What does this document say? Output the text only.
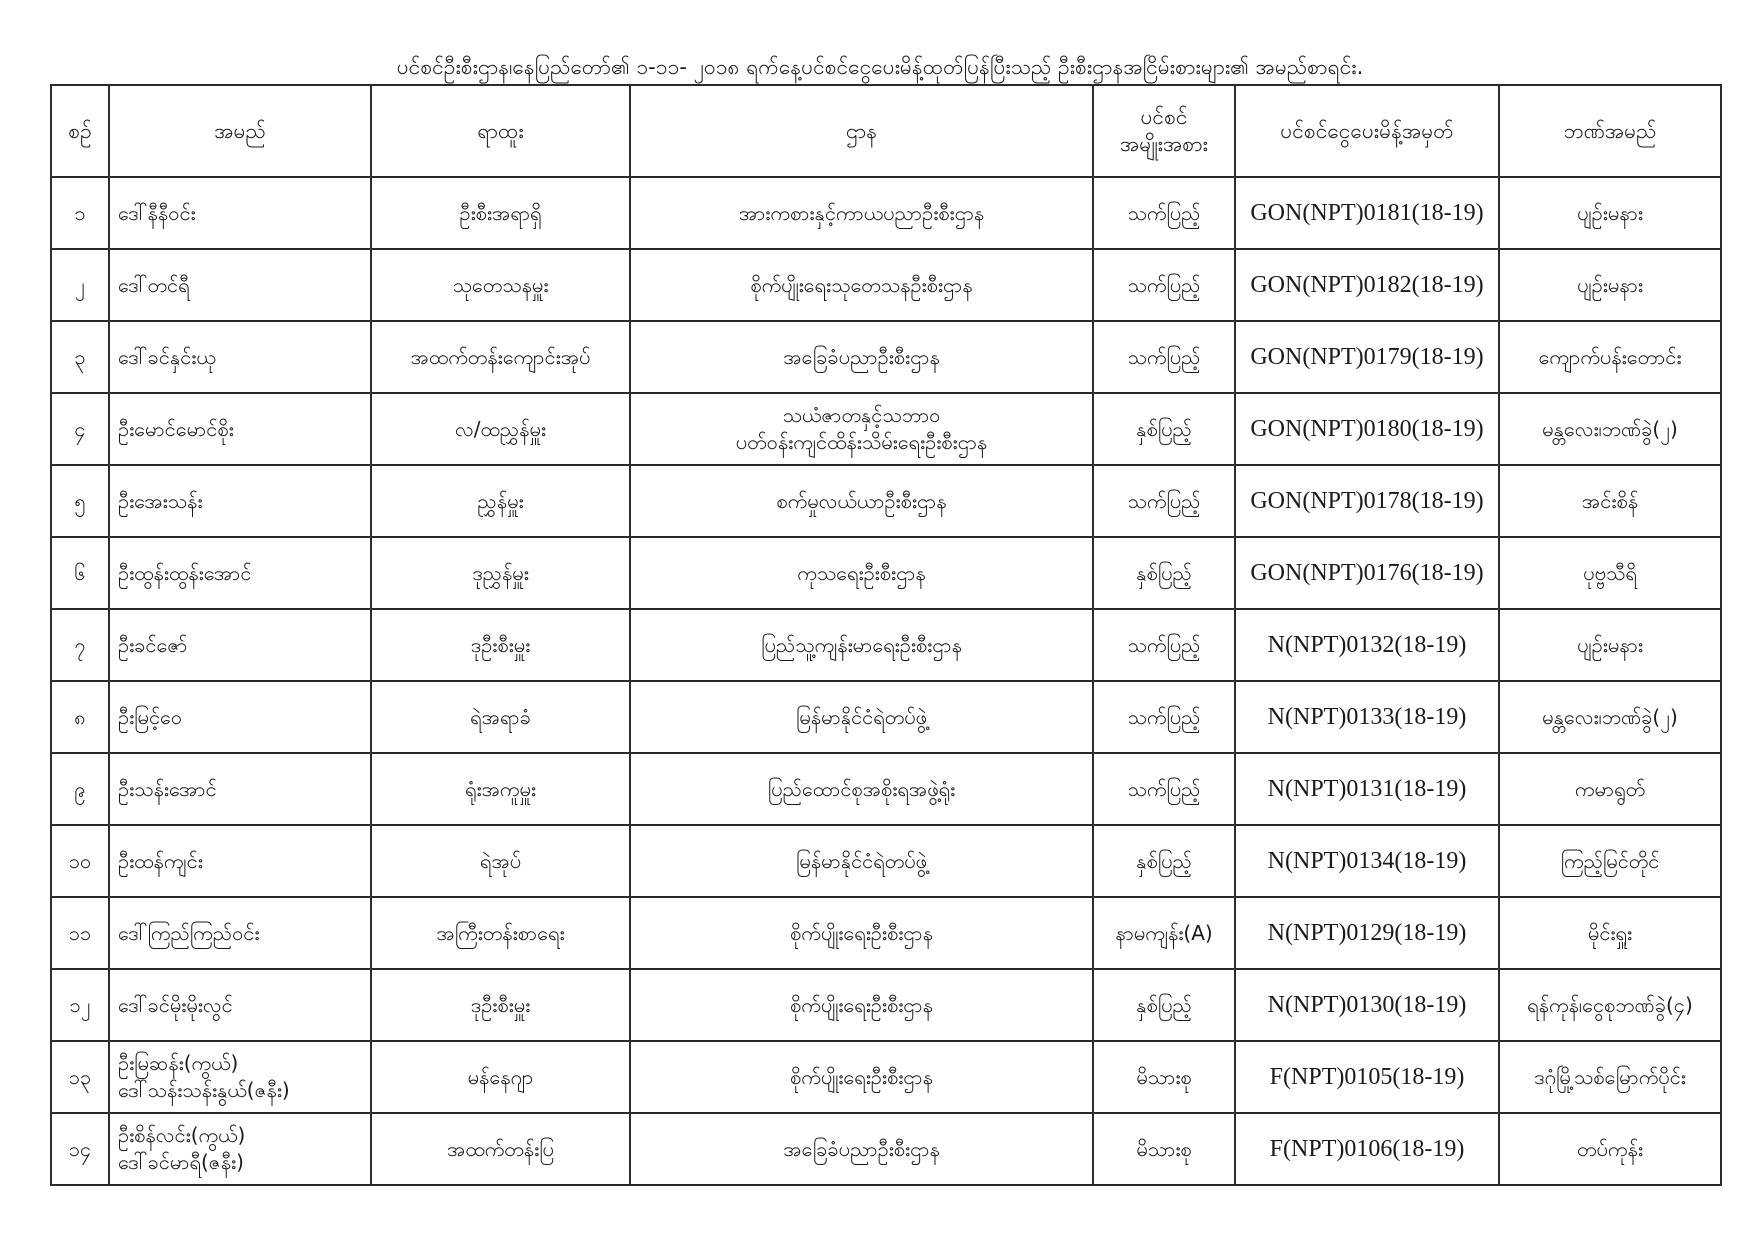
ပင်စင်ဦးစီးဌာန၊နေပြည်တော်၏ ၁-၁၁- ၂၀၁၈ ရက်နေ့ပင်စင်ငွေပေးမိန့်ထုတ်ပြန်ပြီးသည့် ဦးစီးဌာနအငြိမ်းစားများ၏ အမည်စာရင်း.
စဉ်	အမည်	ရာထူး	ဌာန	ပင်စင်
အမျိုးအစား	ပင်စင်ငွေပေးမိန့်အမှတ်	ဘဏ်အမည်

၁	ဒေါ်နီနီဝင်း	ဦးစီးအရာရှိ	အားကစားနှင့်ကာယပညာဦးစီးဌာန	သက်ပြည့်	GON(NPT)0181(18-19)	ပျဉ်းမနား

၂	ဒေါ်တင်ရီ	သုတေသနမှူး	စိုက်ပျိုးရေးသုတေသနဦးစီးဌာန	သက်ပြည့်	GON(NPT)0182(18-19)	ပျဉ်းမနား

၃	ဒေါ်ခင်နှင်းယု	အထက်တန်းကျောင်းအုပ်	အခြေခံပညာဦးစီးဌာန	သက်ပြည့်	GON(NPT)0179(18-19)	ကျောက်ပန်းတောင်း

၄	ဦးမောင်မောင်စိုး	လ/ထညွှန်မှူး	သယံဇာတနှင့်သဘာဝ
ပတ်ဝန်းကျင်ထိန်းသိမ်းရေးဦးစီးဌာန	နှစ်ပြည့်	GON(NPT)0180(18-19)	မန္တလေး၊ဘဏ်ခွဲ(၂)

၅	ဦးအေးသန်း	ညွှန်မှူး	စက်မှုလယ်ယာဦးစီးဌာန	သက်ပြည့်	GON(NPT)0178(18-19)	အင်းစိန်

၆	ဦးထွန်းထွန်းအောင်	ဒုညွှန်မှူး	ကုသရေးဦးစီးဌာန	နှစ်ပြည့်	GON(NPT)0176(18-19)	ပုဗ္ဗသီရိ

၇	ဦးခင်ဇော်	ဒုဦးစီးမှူး	ပြည်သူ့ကျန်းမာရေးဦးစီးဌာန	သက်ပြည့်	N(NPT)0132(18-19)	ပျဉ်းမနား

၈	ဦးမြင့်ဝေ	ရဲအရာခံ	မြန်မာနိုင်ငံရဲတပ်ဖွဲ့	သက်ပြည့်	N(NPT)0133(18-19)	မန္တလေး၊ဘဏ်ခွဲ(၂)

၉	ဦးသန်းအောင်	ရုံးအကူမှူး	ပြည်ထောင်စုအစိုးရအဖွဲ့ရုံး	သက်ပြည့်	N(NPT)0131(18-19)	ကမာရွတ်

၁၀	ဦးထန်ကျင်း	ရဲအုပ်	မြန်မာနိုင်ငံရဲတပ်ဖွဲ့	နှစ်ပြည့်	N(NPT)0134(18-19)	ကြည့်မြင်တိုင်

၁၁	ဒေါ်ကြည်ကြည်ဝင်း	အကြီးတန်းစာရေး	စိုက်ပျိုးရေးဦးစီးဌာန	နာမကျန်း(A)	N(NPT)0129(18-19)	မိုင်းရှူး

၁၂	ဒေါ်ခင်မိုးမိုးလွင်	ဒုဦးစီးမှူး	စိုက်ပျိုးရေးဦးစီးဌာန	နှစ်ပြည့်	N(NPT)0130(18-19)	ရန်ကုန်၊ငွေစုဘဏ်ခွဲ(၄)

၁၃	ဦးမြဆန်း(ကွယ်)
ဒေါ်သန်းသန်းနွယ်(ဇနီး)	မန်နေဂျာ	စိုက်ပျိုးရေးဦးစီးဌာန	မိသားစု	F(NPT)0105(18-19)	ဒဂုံမြို့သစ်မြောက်ပိုင်း

၁၄	ဦးစိန်လင်း(ကွယ်)
ဒေါ်ခင်မာရီ(ဇနီး)	အထက်တန်းပြ	အခြေခံပညာဦးစီးဌာန	မိသားစု	F(NPT)0106(18-19)	တပ်ကုန်း
